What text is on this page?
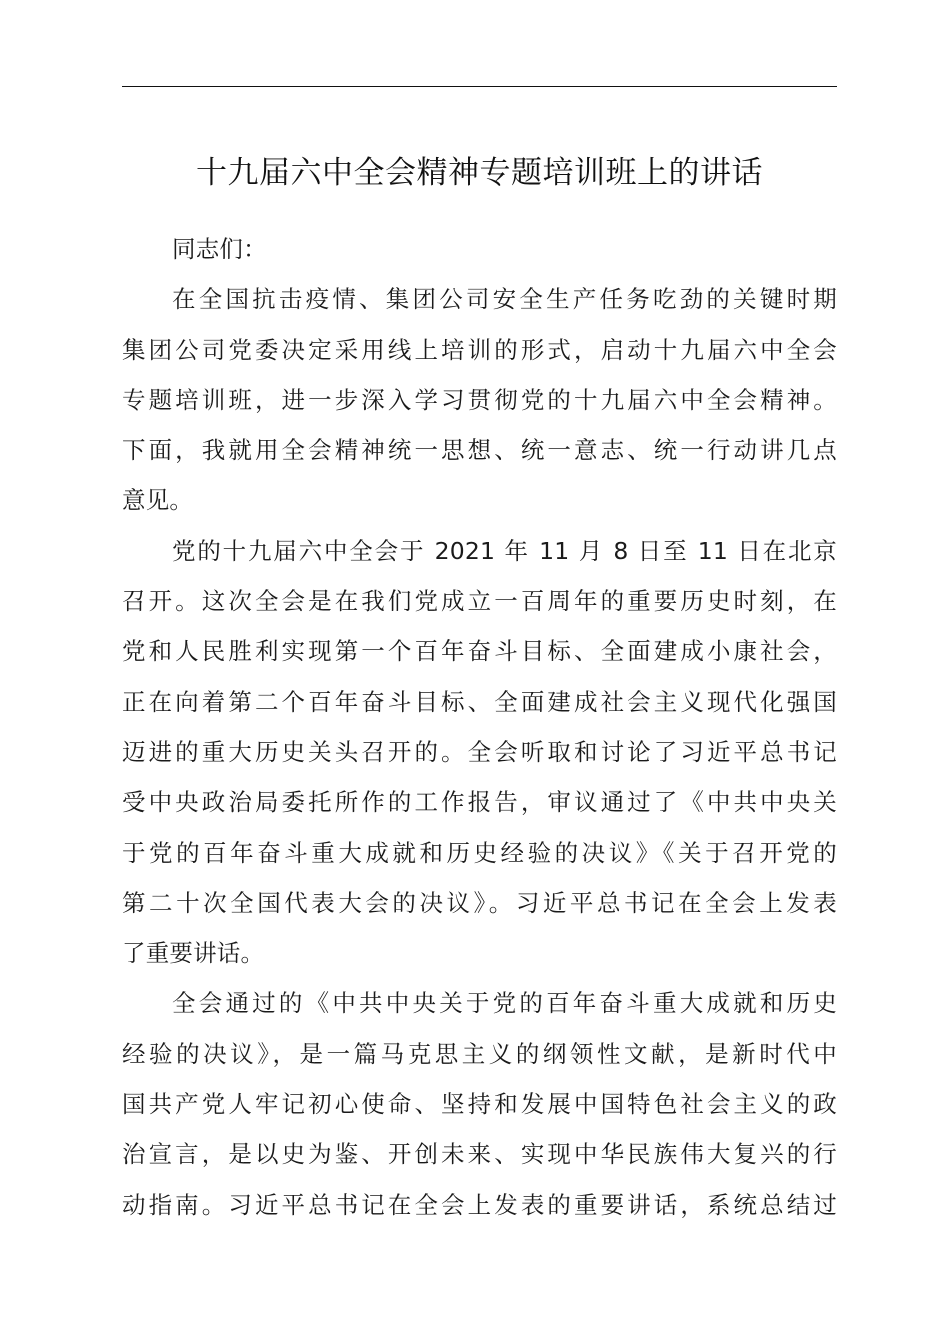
十九届六中全会精神专题培训班上的讲话
同志们：
在全国抗击疫情、集团公司安全生产任务吃劲的关键时期
集团公司党委决定采用线上培训的形式，启动十九届六中全会
专题培训班，进一步深入学习贯彻党的十九届六中全会精神。
下面，我就用全会精神统一思想、统一意志、统一行动讲几点
意见。
党的十九届六中全会于 2021 年 11 月 8 日至 11 日在北京
召开。这次全会是在我们党成立一百周年的重要历史时刻，在
党和人民胜利实现第一个百年奋斗目标、全面建成小康社会，
正在向着第二个百年奋斗目标、全面建成社会主义现代化强国
迈进的重大历史关头召开的。全会听取和讨论了习近平总书记
受中央政治局委托所作的工作报告，审议通过了《中共中央关
于党的百年奋斗重大成就和历史经验的决议》《关于召开党的
第二十次全国代表大会的决议》。习近平总书记在全会上发表
了重要讲话。
全会通过的《中共中央关于党的百年奋斗重大成就和历史
经验的决议》，是一篇马克思主义的纲领性文献，是新时代中
国共产党人牢记初心使命、坚持和发展中国特色社会主义的政
治宣言，是以史为鉴、开创未来、实现中华民族伟大复兴的行
动指南。习近平总书记在全会上发表的重要讲话，系统总结过
